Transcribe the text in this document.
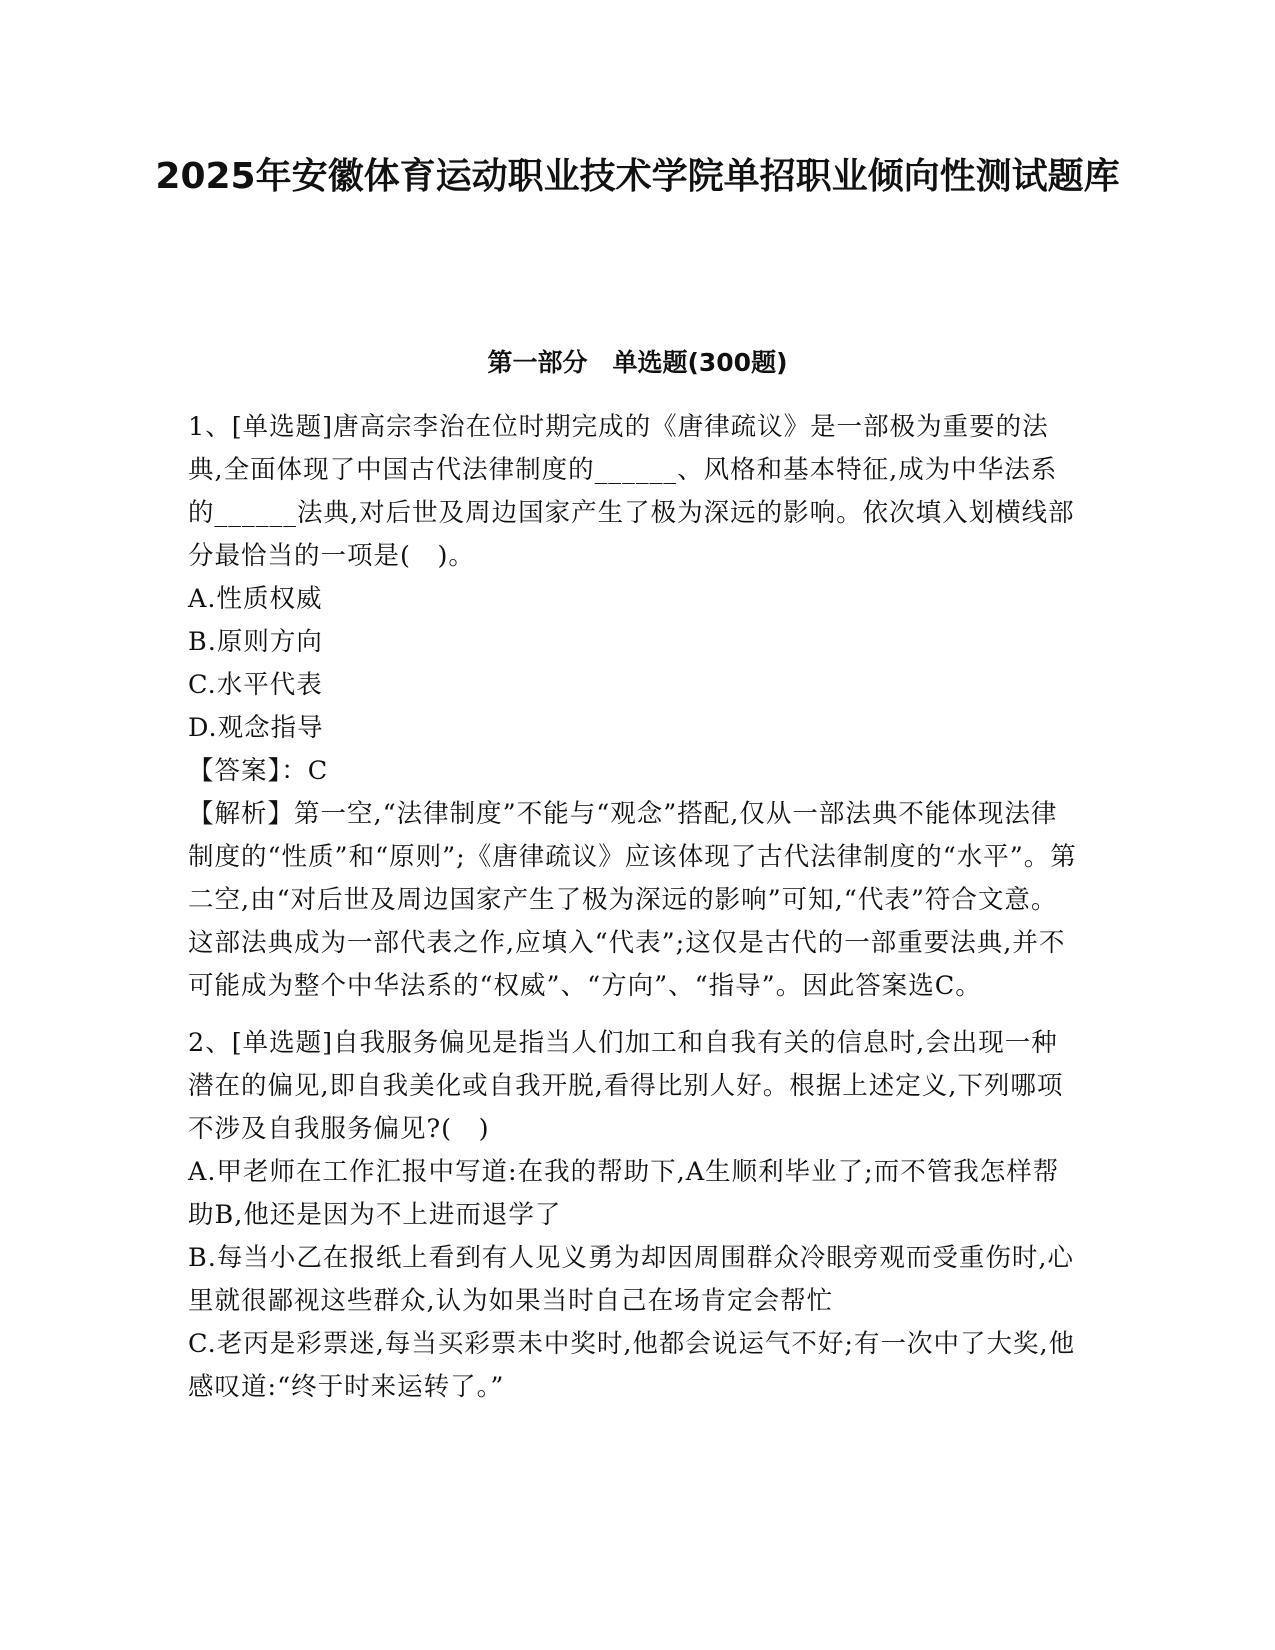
2025年安徽体育运动职业技术学院单招职业倾向性测试题库
第一部分　单选题(300题)

1、[单选题]唐高宗李治在位时期完成的《唐律疏议》是一部极为重要的法典,全面体现了中国古代法律制度的______、风格和基本特征,成为中华法系的______法典,对后世及周边国家产生了极为深远的影响。依次填入划横线部分最恰当的一项是(　)。

A.性质权威

B.原则方向

C.水平代表

D.观念指导

【答案】：C

【解析】第一空,“法律制度”不能与“观念”搭配,仅从一部法典不能体现法律制度的“性质”和“原则”;《唐律疏议》应该体现了古代法律制度的“水平”。第二空,由“对后世及周边国家产生了极为深远的影响”可知,“代表”符合文意。这部法典成为一部代表之作,应填入“代表”;这仅是古代的一部重要法典,并不可能成为整个中华法系的“权威”、“方向”、“指导”。因此答案选C。

2、[单选题]自我服务偏见是指当人们加工和自我有关的信息时,会出现一种潜在的偏见,即自我美化或自我开脱,看得比别人好。根据上述定义,下列哪项不涉及自我服务偏见?(　)

A.甲老师在工作汇报中写道:在我的帮助下,A生顺利毕业了;而不管我怎样帮助B,他还是因为不上进而退学了

B.每当小乙在报纸上看到有人见义勇为却因周围群众冷眼旁观而受重伤时,心里就很鄙视这些群众,认为如果当时自己在场肯定会帮忙

C.老丙是彩票迷,每当买彩票未中奖时,他都会说运气不好;有一次中了大奖,他感叹道:“终于时来运转了。”
